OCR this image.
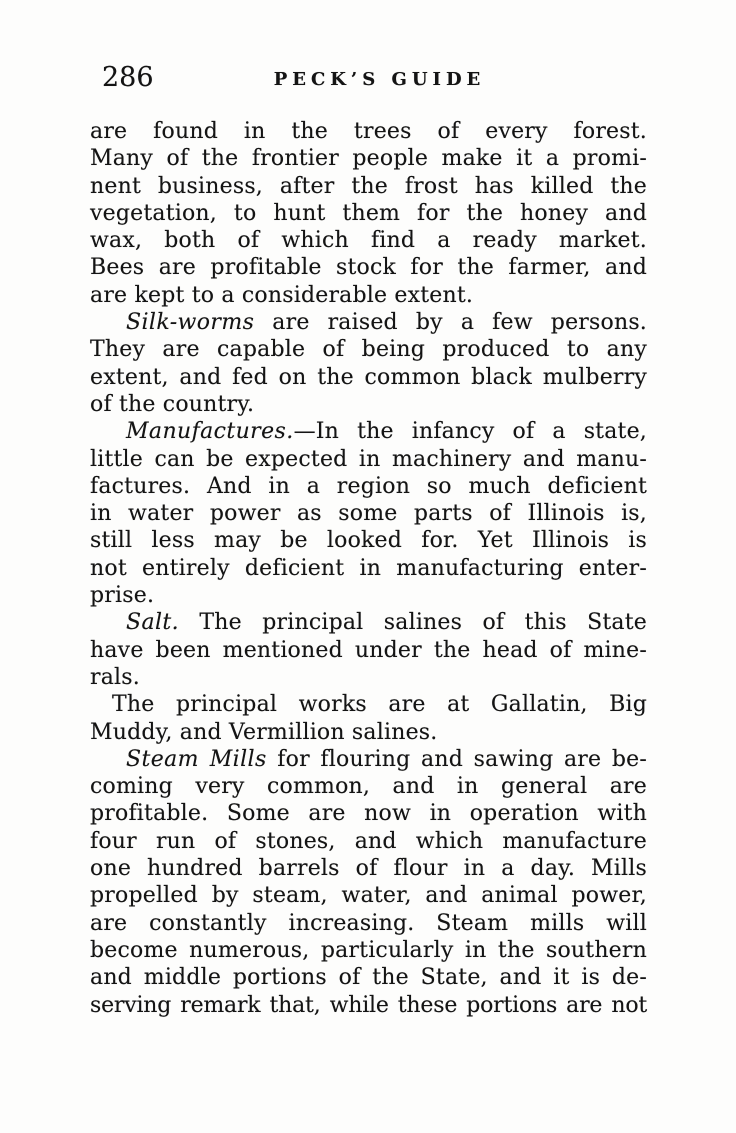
286	PECK’S GUIDE

are found in the trees of every forest.
Many of the frontier people make it a promi-
nent business, after the frost has killed the
vegetation, to hunt them for the honey and
wax, both of which find a ready market.
Bees are profitable stock for the farmer, and
are kept to a considerable extent.

Silk-worms are raised by a few persons.
They are capable of being produced to any
extent, and fed on the common black mulberry
of the country.

Manufactures.—In the infancy of a state,
little can be expected in machinery and manu-
factures. And in a region so much deficient
in water power as some parts of Illinois is,
still less may be looked for. Yet Illinois is
not entirely deficient in manufacturing enter-
prise.

Salt. The principal salines of this State
have been mentioned under the head of mine-
rals.

The principal works are at Gallatin, Big
Muddy, and Vermillion salines.

Steam Mills for flouring and sawing are be-
coming very common, and in general are
profitable. Some are now in operation with
four run of stones, and which manufacture
one hundred barrels of flour in a day. Mills
propelled by steam, water, and animal power,
are constantly increasing. Steam mills will
become numerous, particularly in the southern
and middle portions of the State, and it is de-
serving remark that, while these portions are not
